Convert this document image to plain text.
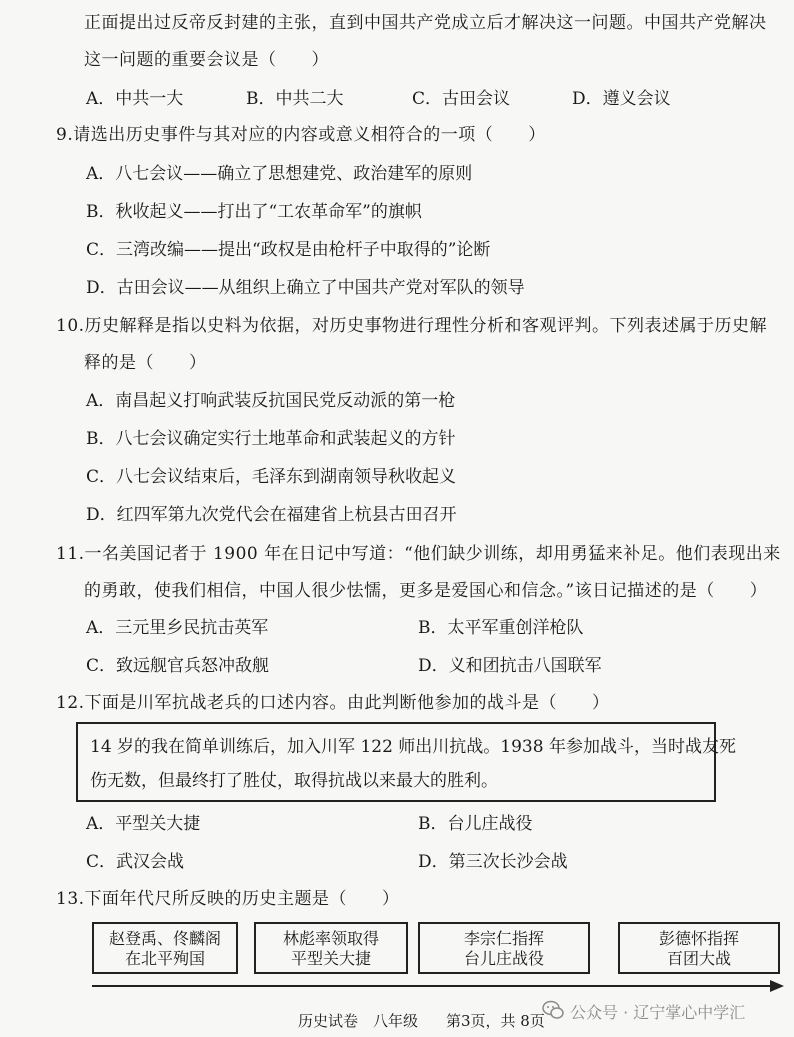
正面提出过反帝反封建的主张，直到中国共产党成立后才解决这一问题。中国共产党解决
这一问题的重要会议是（　　）
A．中共一大	B．中共二大	C．古田会议	D．遵义会议
9.请选出历史事件与其对应的内容或意义相符合的一项（　　）
A．八七会议——确立了思想建党、政治建军的原则
B．秋收起义——打出了“工农革命军”的旗帜
C．三湾改编——提出“政权是由枪杆子中取得的”论断
D．古田会议——从组织上确立了中国共产党对军队的领导
10.历史解释是指以史料为依据，对历史事物进行理性分析和客观评判。下列表述属于历史解
释的是（　　）
A．南昌起义打响武装反抗国民党反动派的第一枪
B．八七会议确定实行土地革命和武装起义的方针
C．八七会议结束后，毛泽东到湖南领导秋收起义
D．红四军第九次党代会在福建省上杭县古田召开
11.一名美国记者于 1900 年在日记中写道：“他们缺少训练，却用勇猛来补足。他们表现出来
的勇敢，使我们相信，中国人很少怯懦，更多是爱国心和信念。”该日记描述的是（　　）
A．三元里乡民抗击英军	B．太平军重创洋枪队
C．致远舰官兵怒冲敌舰	D．义和团抗击八国联军
12.下面是川军抗战老兵的口述内容。由此判断他参加的战斗是（　　）
14 岁的我在简单训练后，加入川军 122 师出川抗战。1938 年参加战斗，当时战友死
伤无数，但最终打了胜仗，取得抗战以来最大的胜利。
A．平型关大捷	B．台儿庄战役
C．武汉会战	D．第三次长沙会战
13.下面年代尺所反映的历史主题是（　　）
赵登禹、佟麟阁
在北平殉国
林彪率领取得
平型关大捷
李宗仁指挥
台儿庄战役
彭德怀指挥
百团大战
公众号 · 辽宁掌心中学汇
历史试卷　八年级 第3页，共 8页
